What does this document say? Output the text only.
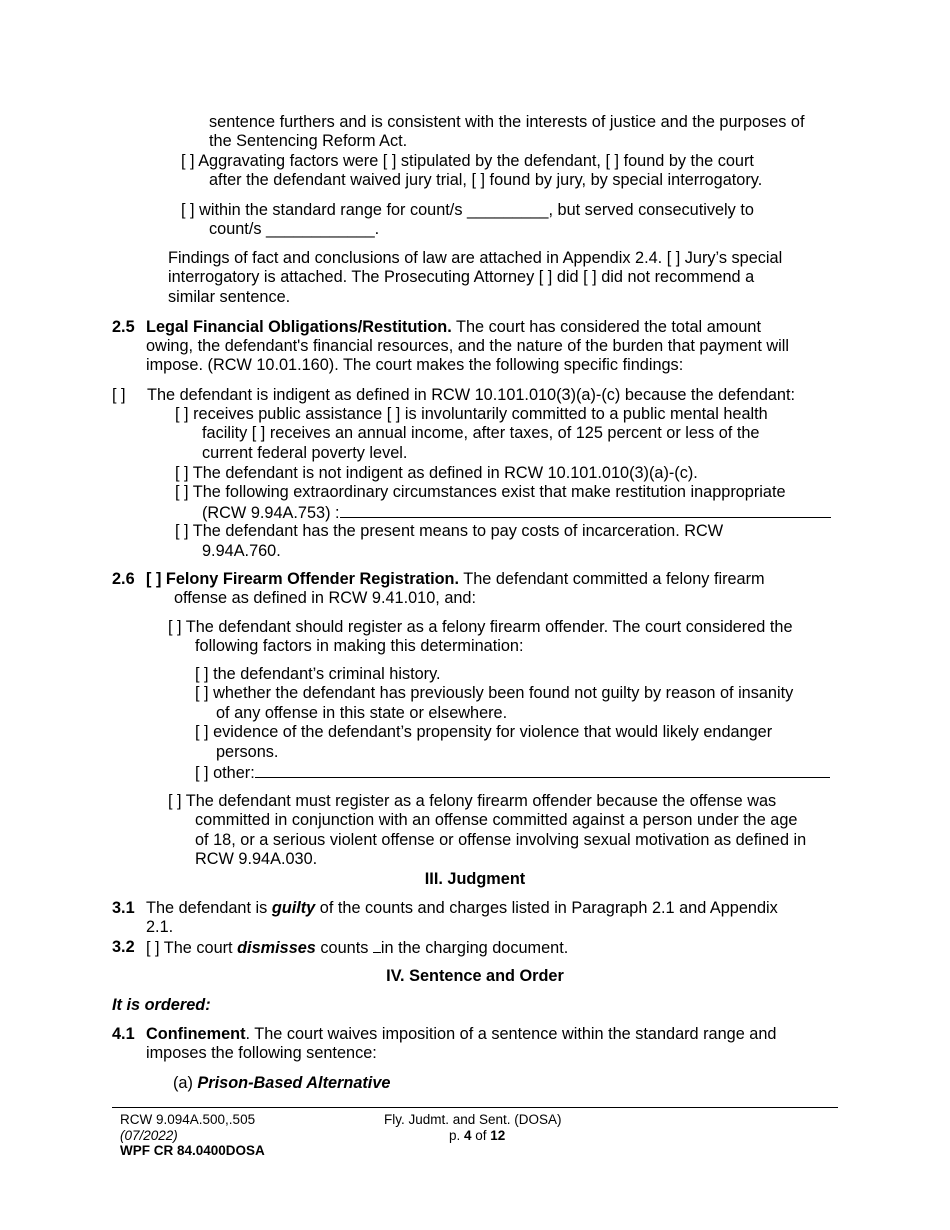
sentence furthers and is consistent with the interests of justice and the purposes of
the Sentencing Reform Act.
[ ] Aggravating factors were [ ] stipulated by the defendant, [ ] found by the court
after the defendant waived jury trial, [ ] found by jury, by special interrogatory.
[ ] within the standard range for count/s _________, but served consecutively to
count/s ____________.
Findings of fact and conclusions of law are attached in Appendix 2.4. [ ] Jury’s special
interrogatory is attached. The Prosecuting Attorney [ ] did [ ] did not recommend a
similar sentence.
2.5 Legal Financial Obligations/Restitution. The court has considered the total amount
owing, the defendant's financial resources, and the nature of the burden that payment will
impose. (RCW 10.01.160). The court makes the following specific findings:
[ ] The defendant is indigent as defined in RCW 10.101.010(3)(a)-(c) because the defendant:
[ ] receives public assistance [ ] is involuntarily committed to a public mental health
facility [ ] receives an annual income, after taxes, of 125 percent or less of the
current federal poverty level.
[ ] The defendant is not indigent as defined in RCW 10.101.010(3)(a)-(c).
[ ] The following extraordinary circumstances exist that make restitution inappropriate
(RCW 9.94A.753) :
[ ] The defendant has the present means to pay costs of incarceration. RCW
9.94A.760.
2.6 [ ] Felony Firearm Offender Registration. The defendant committed a felony firearm
offense as defined in RCW 9.41.010, and:
[ ] The defendant should register as a felony firearm offender. The court considered the
following factors in making this determination:
[ ] the defendant’s criminal history.
[ ] whether the defendant has previously been found not guilty by reason of insanity
of any offense in this state or elsewhere.
[ ] evidence of the defendant’s propensity for violence that would likely endanger
persons.
[ ] other:
[ ] The defendant must register as a felony firearm offender because the offense was
committed in conjunction with an offense committed against a person under the age
of 18, or a serious violent offense or offense involving sexual motivation as defined in
RCW 9.94A.030.
III. Judgment
3.1 The defendant is guilty of the counts and charges listed in Paragraph 2.1 and Appendix
2.1.
3.2 [ ] The court dismisses counts in the charging document.
IV. Sentence and Order
It is ordered:
4.1 Confinement. The court waives imposition of a sentence within the standard range and
imposes the following sentence:
(a) Prison-Based Alternative
RCW 9.094A.500,.505
(07/2022)
WPF CR 84.0400DOSA
Fly. Judmt. and Sent. (DOSA)
p. 4 of 12
